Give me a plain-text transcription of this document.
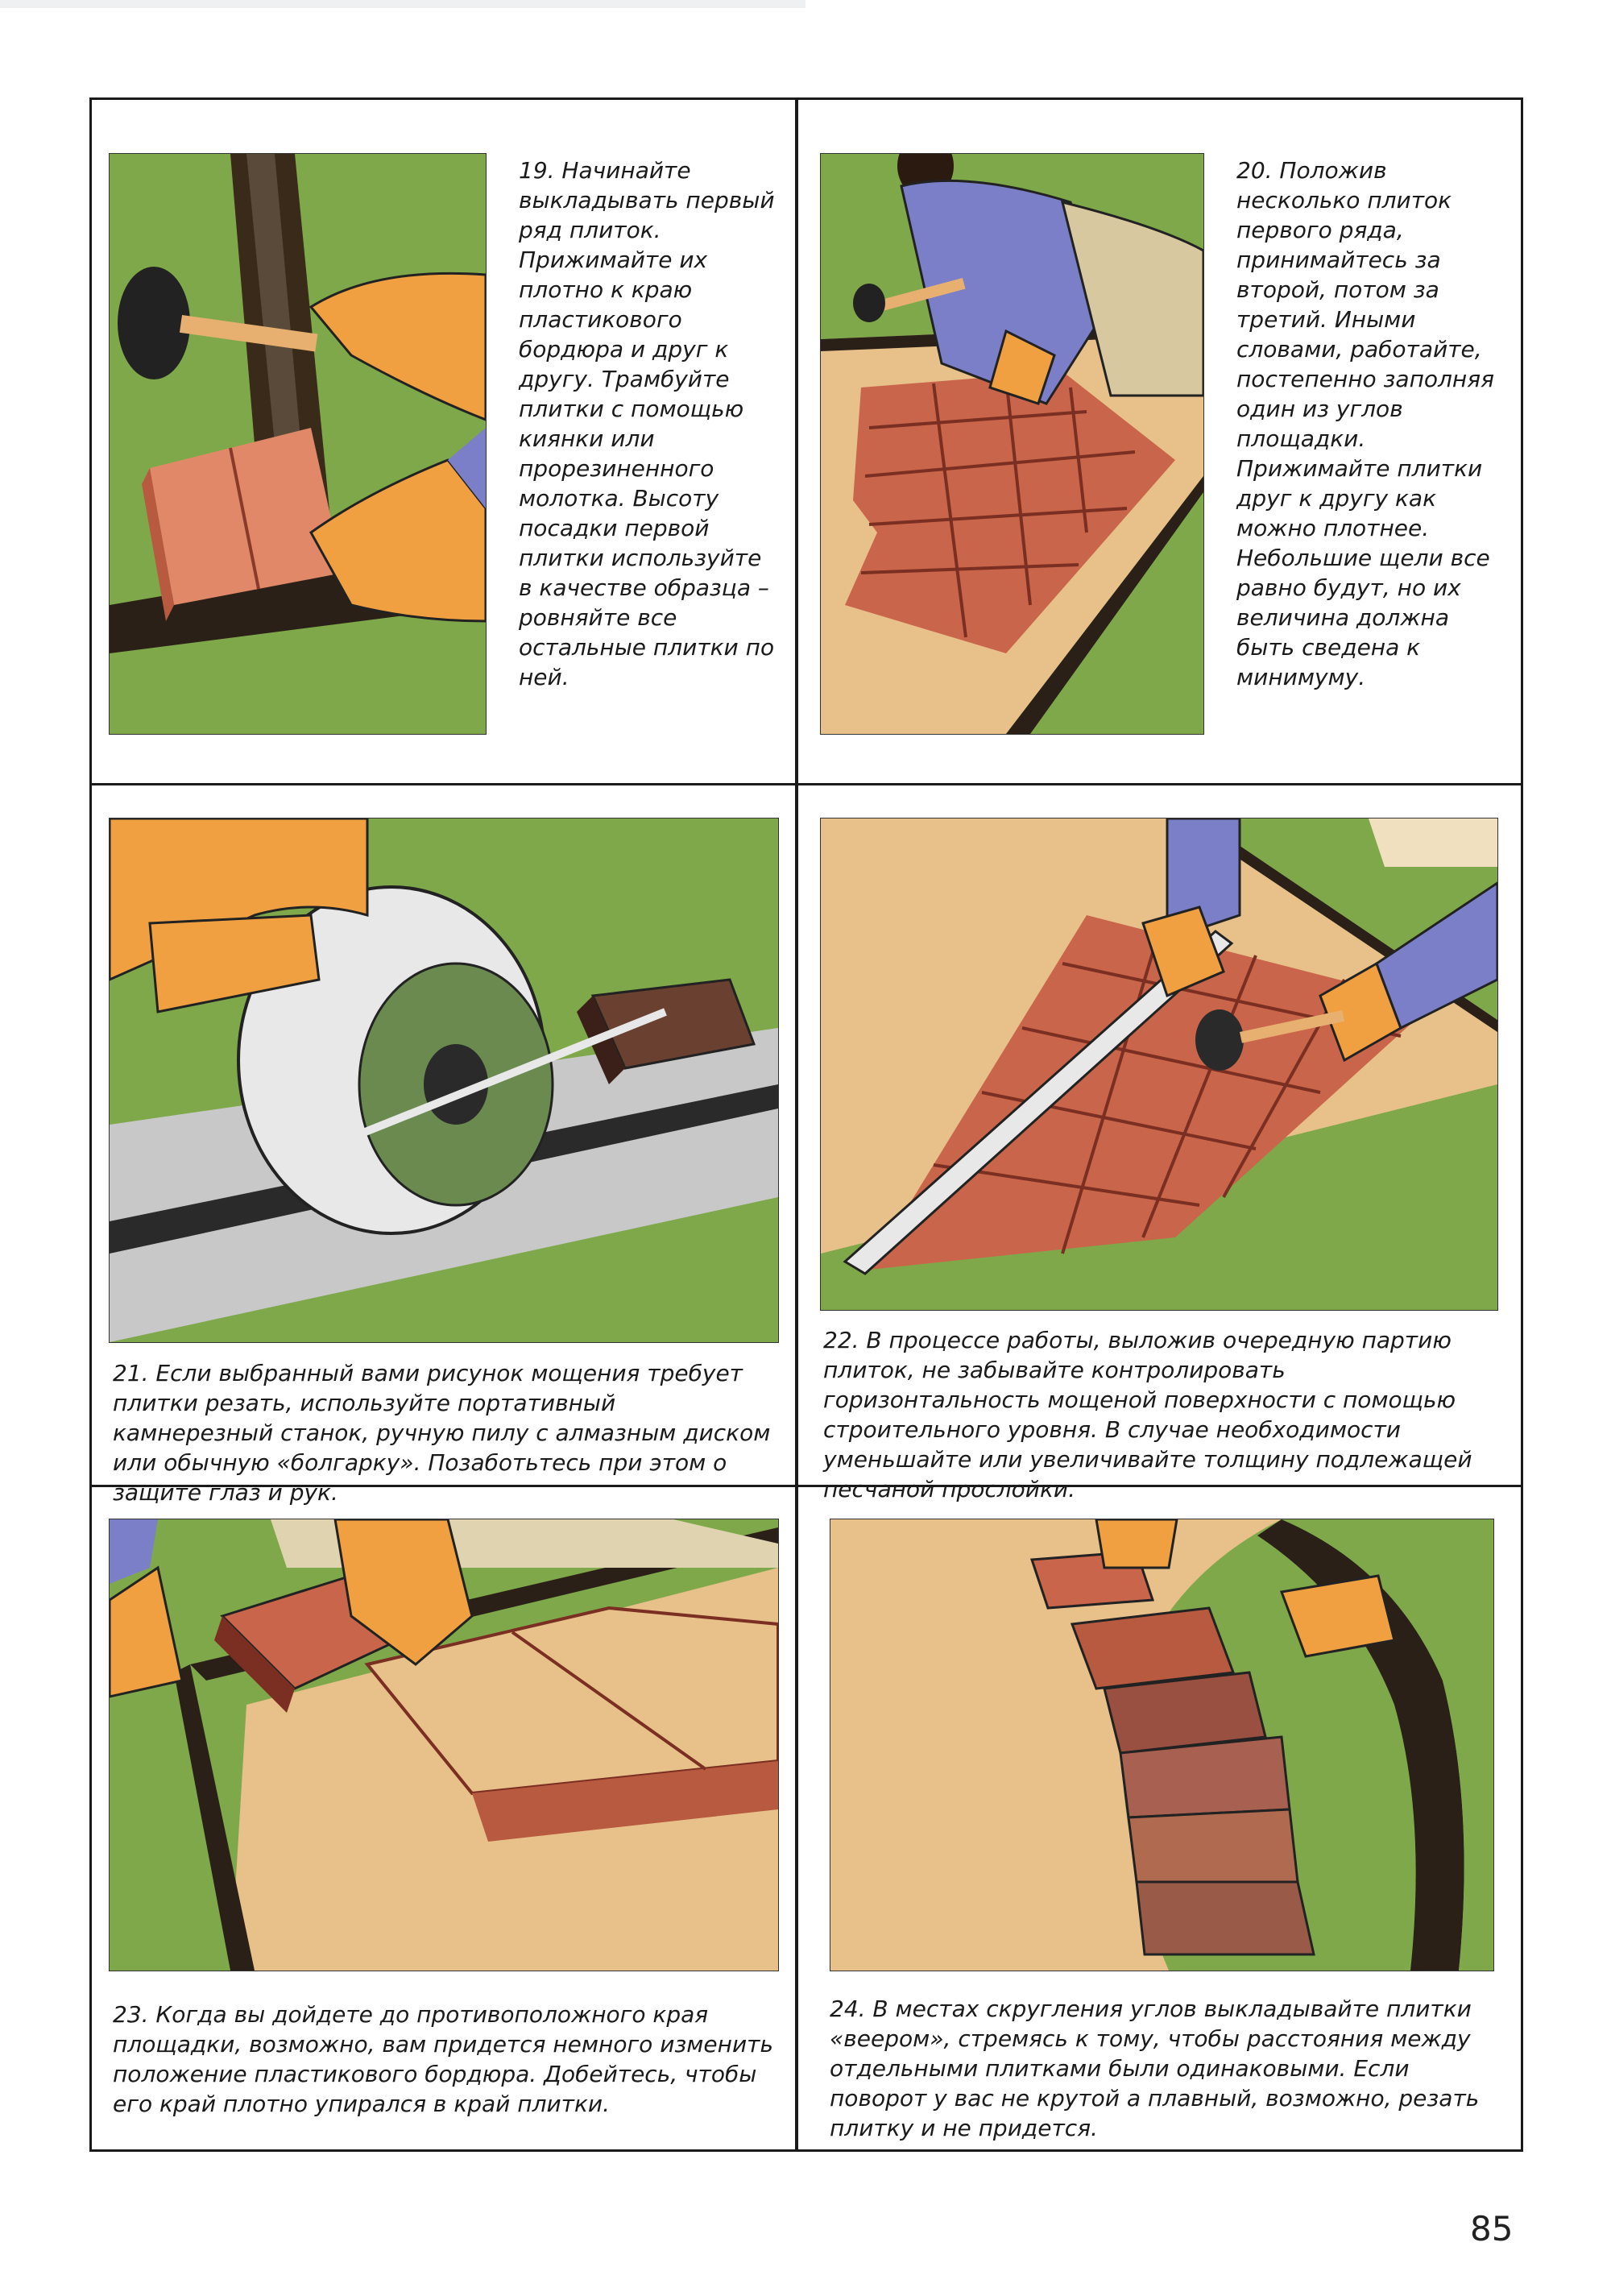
19. Начинайте выкладывать первый ряд плиток. Прижимайте их плотно к краю пластикового бордюра и друг к другу. Трамбуйте плитки с помощью киянки или прорезиненного молотка. Высоту посадки первой плитки используйте в качестве образца – ровняйте все остальные плитки по ней.

20. Положив несколько плиток первого ряда, принимайтесь за второй, потом за третий. Иными словами, работайте, постепенно заполняя один из углов площадки. Прижимайте плитки друг к другу как можно плотнее. Небольшие щели все равно будут, но их величина должна быть сведена к минимуму.

21. Если выбранный вами рисунок мощения требует плитки резать, используйте портативный камнерезный станок, ручную пилу с алмазным диском или обычную «болгарку». Позаботьтесь при этом о защите глаз и рук.

22. В процессе работы, выложив очередную партию плиток, не забывайте контролировать горизонтальность мощеной поверхности с помощью строительного уровня. В случае необходимости уменьшайте или увеличивайте толщину подлежащей песчаной прослойки.

23. Когда вы дойдете до противоположного края площадки, возможно, вам придется немного изменить положение пластикового бордюра. Добейтесь, чтобы его край плотно упирался в край плитки.

24. В местах скругления углов выкладывайте плитки «веером», стремясь к тому, чтобы расстояния между отдельными плитками были одинаковыми. Если поворот у вас не крутой а плавный, возможно, резать плитку и не придется.

85
